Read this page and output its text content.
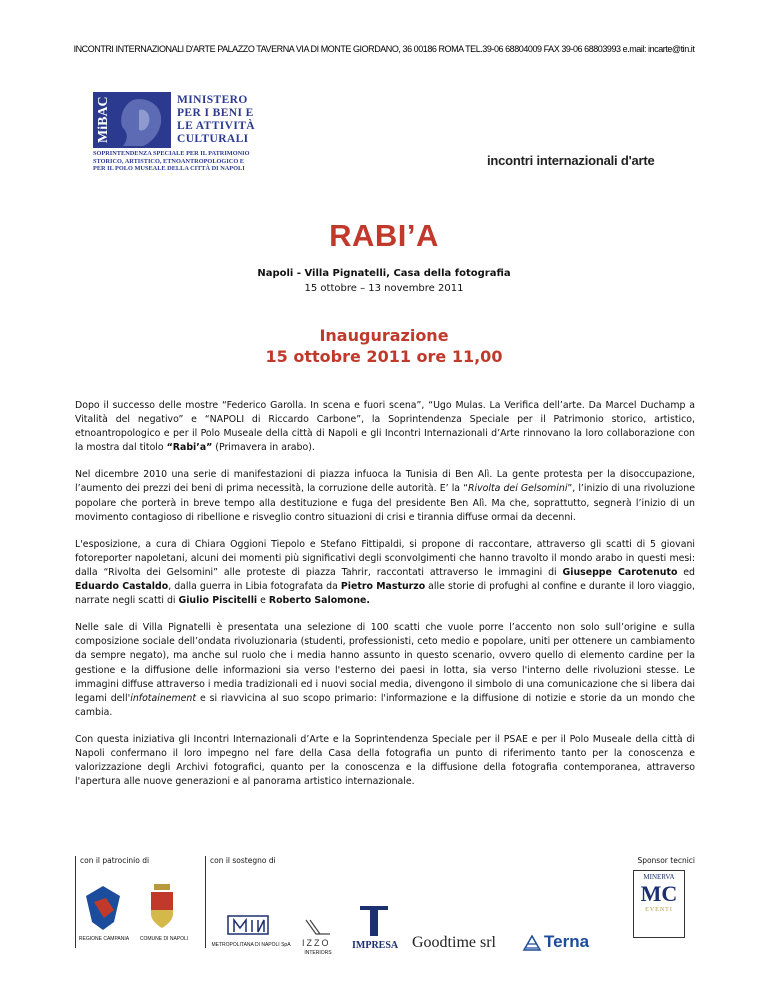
INCONTRI INTERNAZIONALI D'ARTE PALAZZO TAVERNA VIA DI MONTE GIORDANO, 36 00186 ROMA TEL.39-06 68804009 FAX 39-06 68803993 e.mail: incarte@tin.it
MiBAC	MINISTERO
PER I BENI E
LE ATTIVITÀ
CULTURALI
SOPRINTENDENZA SPECIALE PER IL PATRIMONIO
STORICO, ARTISTICO, ETNOANTROPOLOGICO E
PER IL POLO MUSEALE DELLA CITTÀ DI NAPOLI
incontri internazionali d'arte
RABI’A
Napoli - Villa Pignatelli, Casa della fotografia
15 ottobre – 13 novembre 2011
Inaugurazione
15 ottobre 2011 ore 11,00

Dopo il successo delle mostre “Federico Garolla. In scena e fuori scena”, “Ugo Mulas. La Verifica dell’arte. Da Marcel Duchamp a Vitalità del negativo” e “NAPOLI di Riccardo Carbone”, la Soprintendenza Speciale per il Patrimonio storico, artistico, etnoantropologico e per il Polo Museale della città di Napoli e gli Incontri Internazionali d’Arte rinnovano la loro collaborazione con la mostra dal titolo “Rabi’a” (Primavera in arabo).

Nel dicembre 2010 una serie di manifestazioni di piazza infuoca la Tunisia di Ben Alì. La gente protesta per la disoccupazione, l’aumento dei prezzi dei beni di prima necessità, la corruzione delle autorità. E’ la “Rivolta dei Gelsomini”, l’inizio di una rivoluzione popolare che porterà in breve tempo alla destituzione e fuga del presidente Ben Alì. Ma che, soprattutto, segnerà l’inizio di un movimento contagioso di ribellione e risveglio contro situazioni di crisi e tirannia diffuse ormai da decenni.

L'esposizione, a cura di Chiara Oggioni Tiepolo e Stefano Fittipaldi, si propone di raccontare, attraverso gli scatti di 5 giovani fotoreporter napoletani, alcuni dei momenti più significativi degli sconvolgimenti che hanno travolto il mondo arabo in questi mesi: dalla “Rivolta dei Gelsomini” alle proteste di piazza Tahrir, raccontati attraverso le immagini di Giuseppe Carotenuto ed Eduardo Castaldo, dalla guerra in Libia fotografata da Pietro Masturzo alle storie di profughi al confine e durante il loro viaggio, narrate negli scatti di Giulio Piscitelli e Roberto Salomone.

Nelle sale di Villa Pignatelli è presentata una selezione di 100 scatti che vuole porre l’accento non solo sull’origine e sulla composizione sociale dell’ondata rivoluzionaria (studenti, professionisti, ceto medio e popolare, uniti per ottenere un cambiamento da sempre negato), ma anche sul ruolo che i media hanno assunto in questo scenario, ovvero quello di elemento cardine per la gestione e la diffusione delle informazioni sia verso l'esterno dei paesi in lotta, sia verso l'interno delle rivoluzioni stesse. Le immagini diffuse attraverso i media tradizionali ed i nuovi social media, divengono il simbolo di una comunicazione che si libera dai legami dell'infotainement e si riavvicina al suo scopo primario: l'informazione e la diffusione di notizie e storie da un mondo che cambia.

Con questa iniziativa gli Incontri Internazionali d’Arte e la Soprintendenza Speciale per il PSAE e per il Polo Museale della città di Napoli confermano il loro impegno nel fare della Casa della fotografia un punto di riferimento tanto per la conoscenza e valorizzazione degli Archivi fotografici, quanto per la conoscenza e la diffusione della fotografia contemporanea, attraverso l'apertura alle nuove generazioni e al panorama artistico internazionale.

con il patrocinio di
REGIONE CAMPANIA	COMUNE DI NAPOLI
con il sostegno di
METROPOLITANA DI NAPOLI SpA	IZZO
INTERIORS
IMPRESA Goodtime srl	Terna
Sponsor tecnici
MINERVA
MC
EVENTI
